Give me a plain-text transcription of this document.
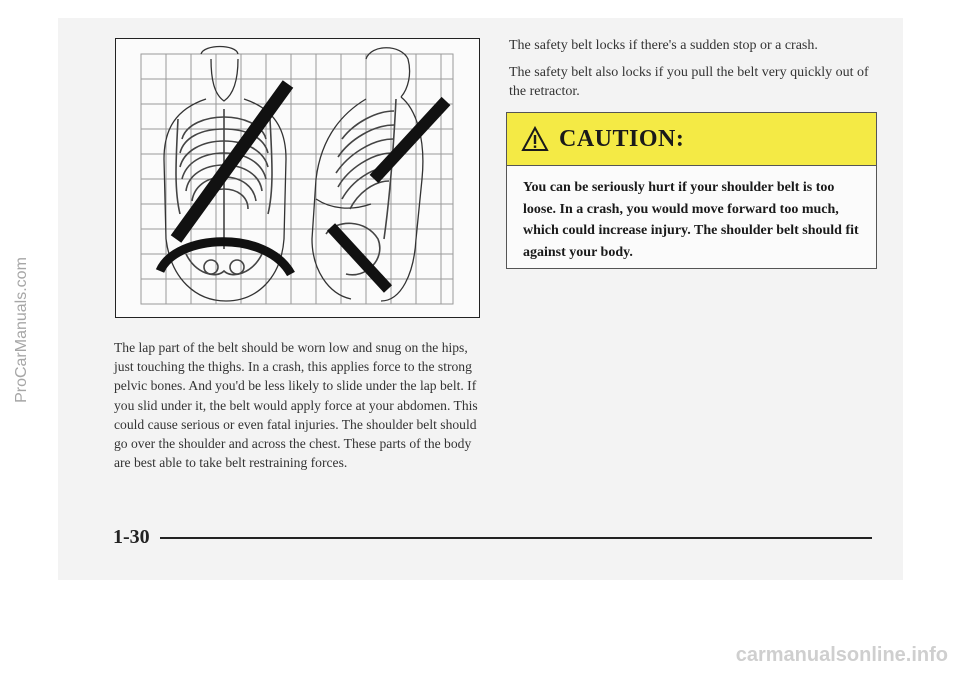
ProCarManuals.com	The lap part of the belt should be worn low and snug on the hips, just touching the thighs. In a crash, this applies force to the strong pelvic bones. And you'd be less likely to slide under the lap belt. If you slid under it, the belt would apply force at your abdomen. This could cause serious or even fatal injuries. The shoulder belt should go over the shoulder and across the chest. These parts of the body are best able to take belt restraining forces.

The safety belt locks if there's a sudden stop or a crash.

The safety belt also locks if you pull the belt very quickly out of the retractor.

CAUTION:

You can be seriously hurt if your shoulder belt is too loose. In a crash, you would move forward too much, which could increase injury. The shoulder belt should fit against your body.

1-30
carmanualsonline.info
